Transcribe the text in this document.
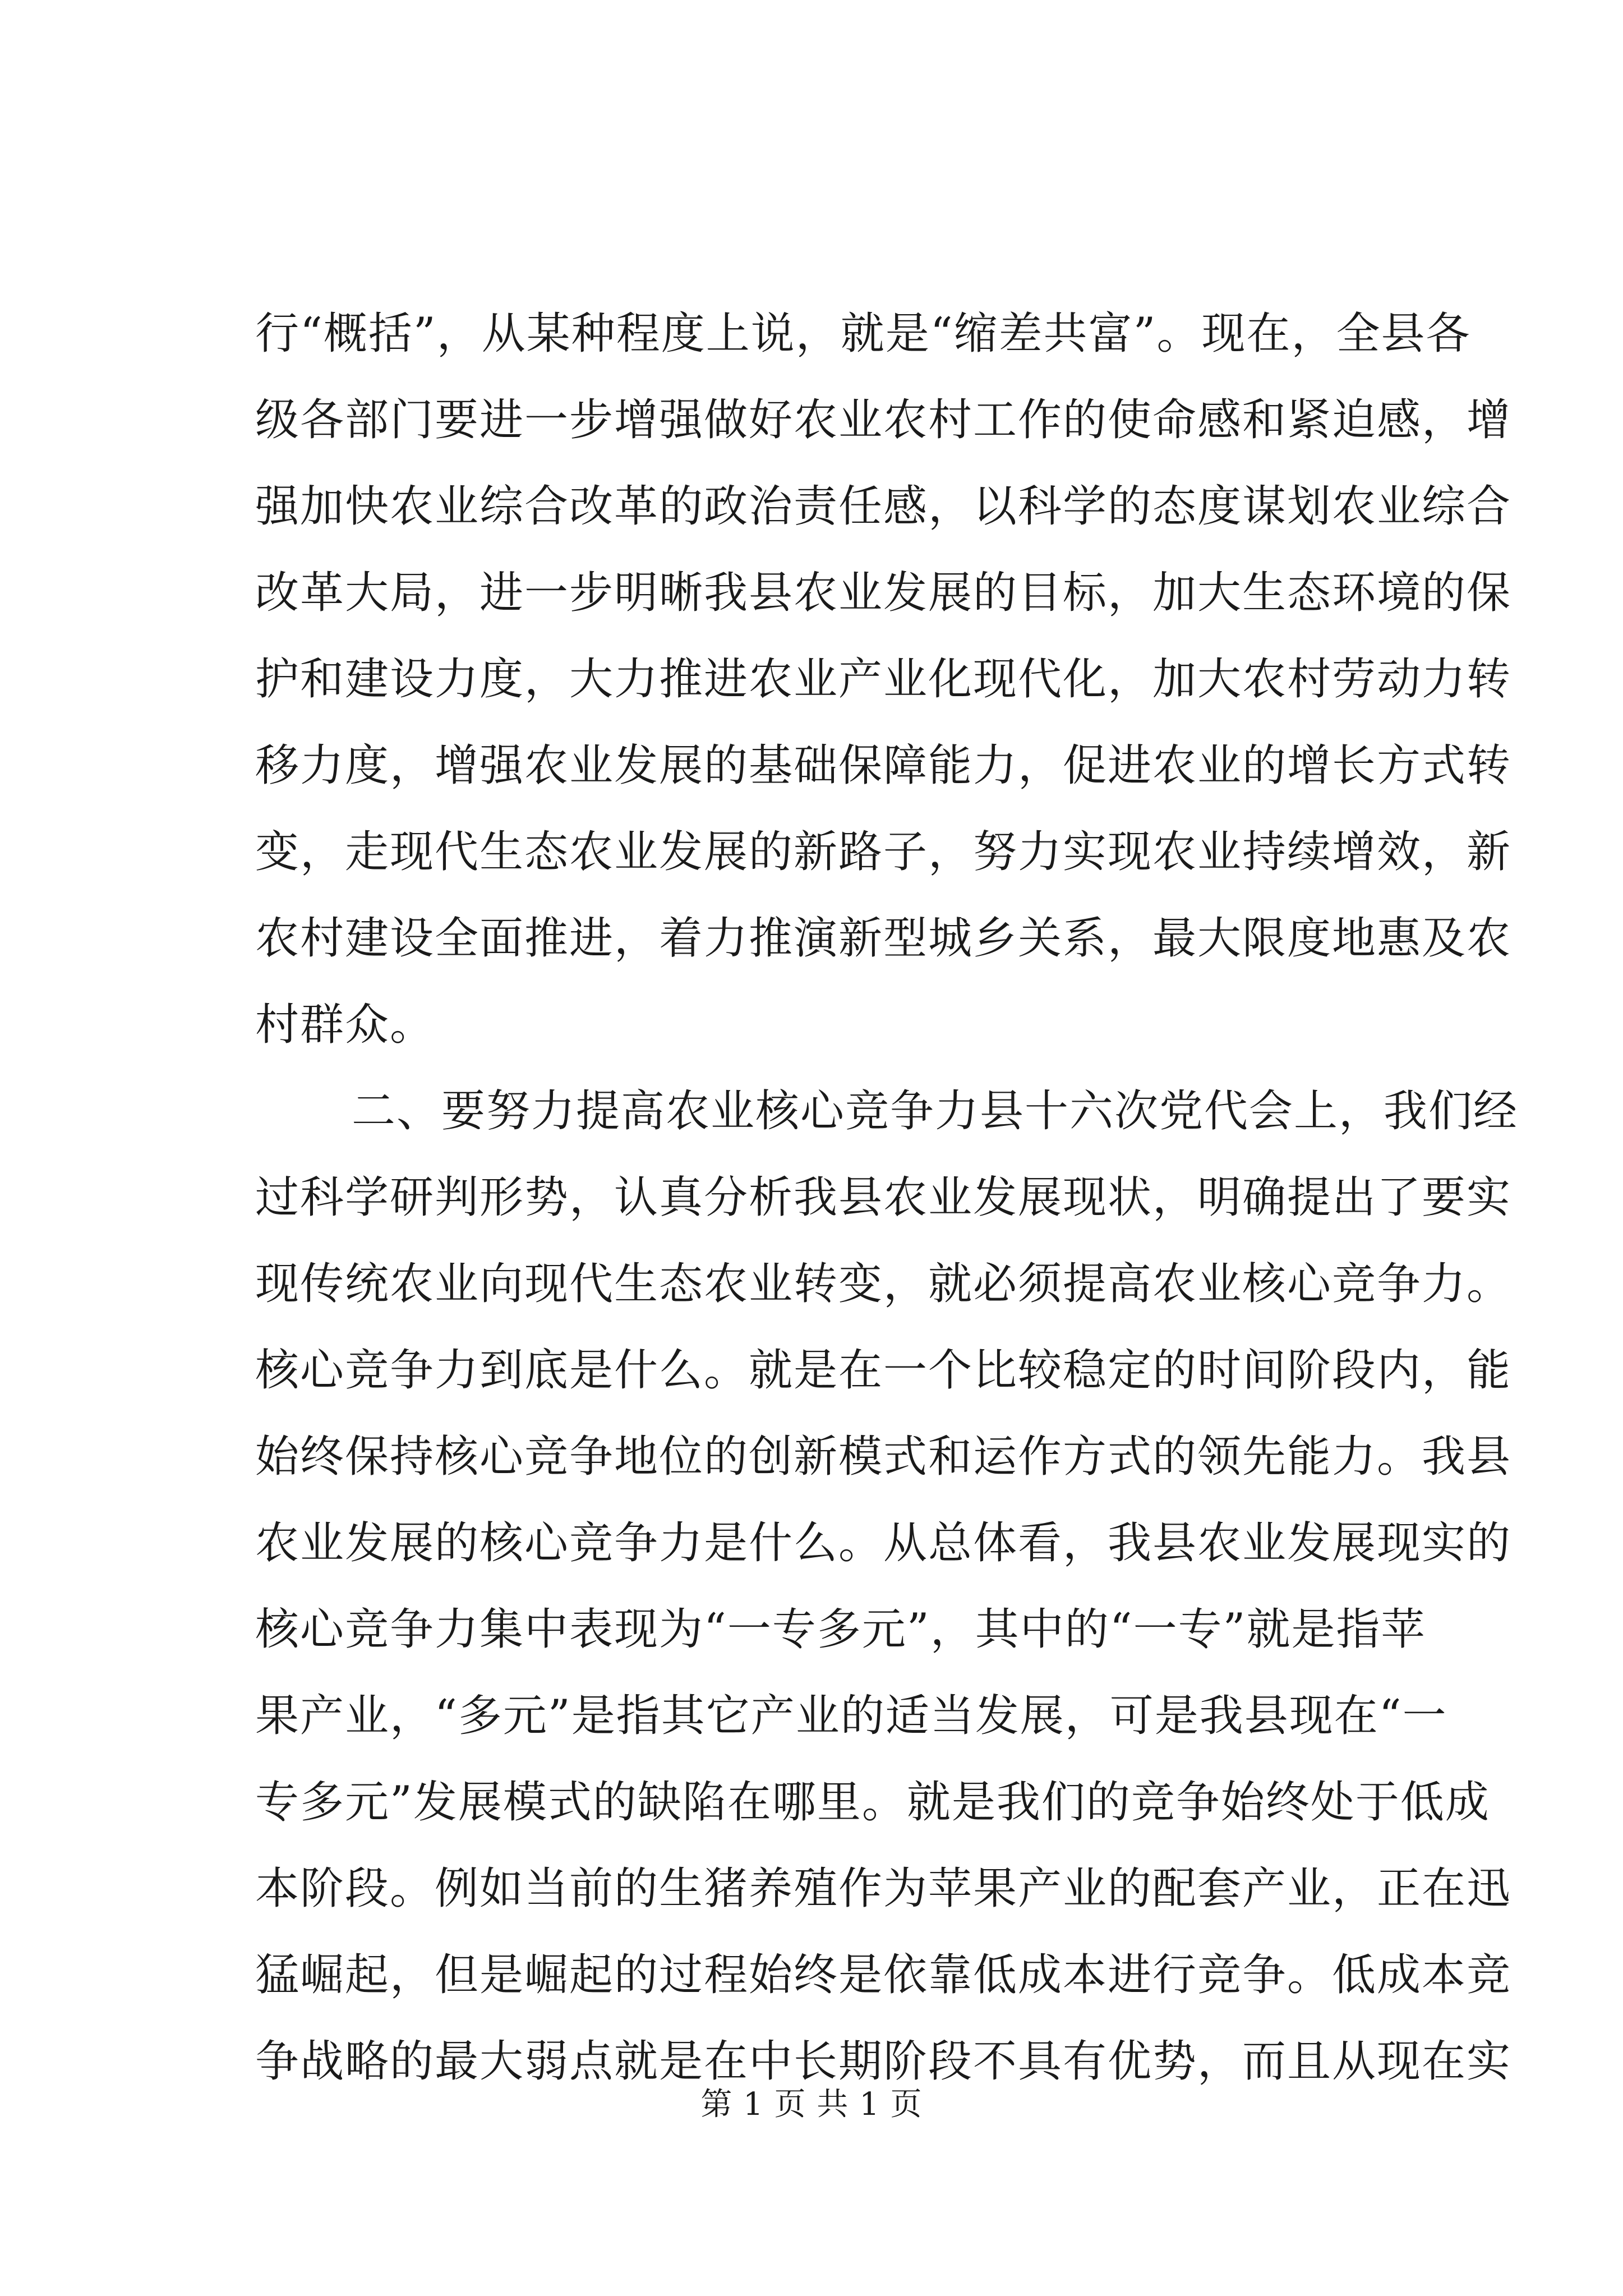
行“概括”，从某种程度上说，就是“缩差共富”。现在，全县各
级各部门要进一步增强做好农业农村工作的使命感和紧迫感，增
强加快农业综合改革的政治责任感，以科学的态度谋划农业综合
改革大局，进一步明晰我县农业发展的目标，加大生态环境的保
护和建设力度，大力推进农业产业化现代化，加大农村劳动力转
移力度，增强农业发展的基础保障能力，促进农业的增长方式转
变，走现代生态农业发展的新路子，努力实现农业持续增效，新
农村建设全面推进，着力推演新型城乡关系，最大限度地惠及农
村群众。
二、要努力提高农业核心竞争力县十六次党代会上，我们经
过科学研判形势，认真分析我县农业发展现状，明确提出了要实
现传统农业向现代生态农业转变，就必须提高农业核心竞争力。
核心竞争力到底是什么。就是在一个比较稳定的时间阶段内，能
始终保持核心竞争地位的创新模式和运作方式的领先能力。我县
农业发展的核心竞争力是什么。从总体看，我县农业发展现实的
核心竞争力集中表现为“一专多元”，其中的“一专”就是指苹
果产业，“多元”是指其它产业的适当发展，可是我县现在“一
专多元”发展模式的缺陷在哪里。就是我们的竞争始终处于低成
本阶段。例如当前的生猪养殖作为苹果产业的配套产业，正在迅
猛崛起，但是崛起的过程始终是依靠低成本进行竞争。低成本竞
争战略的最大弱点就是在中长期阶段不具有优势，而且从现在实
第 1 页 共 1 页
